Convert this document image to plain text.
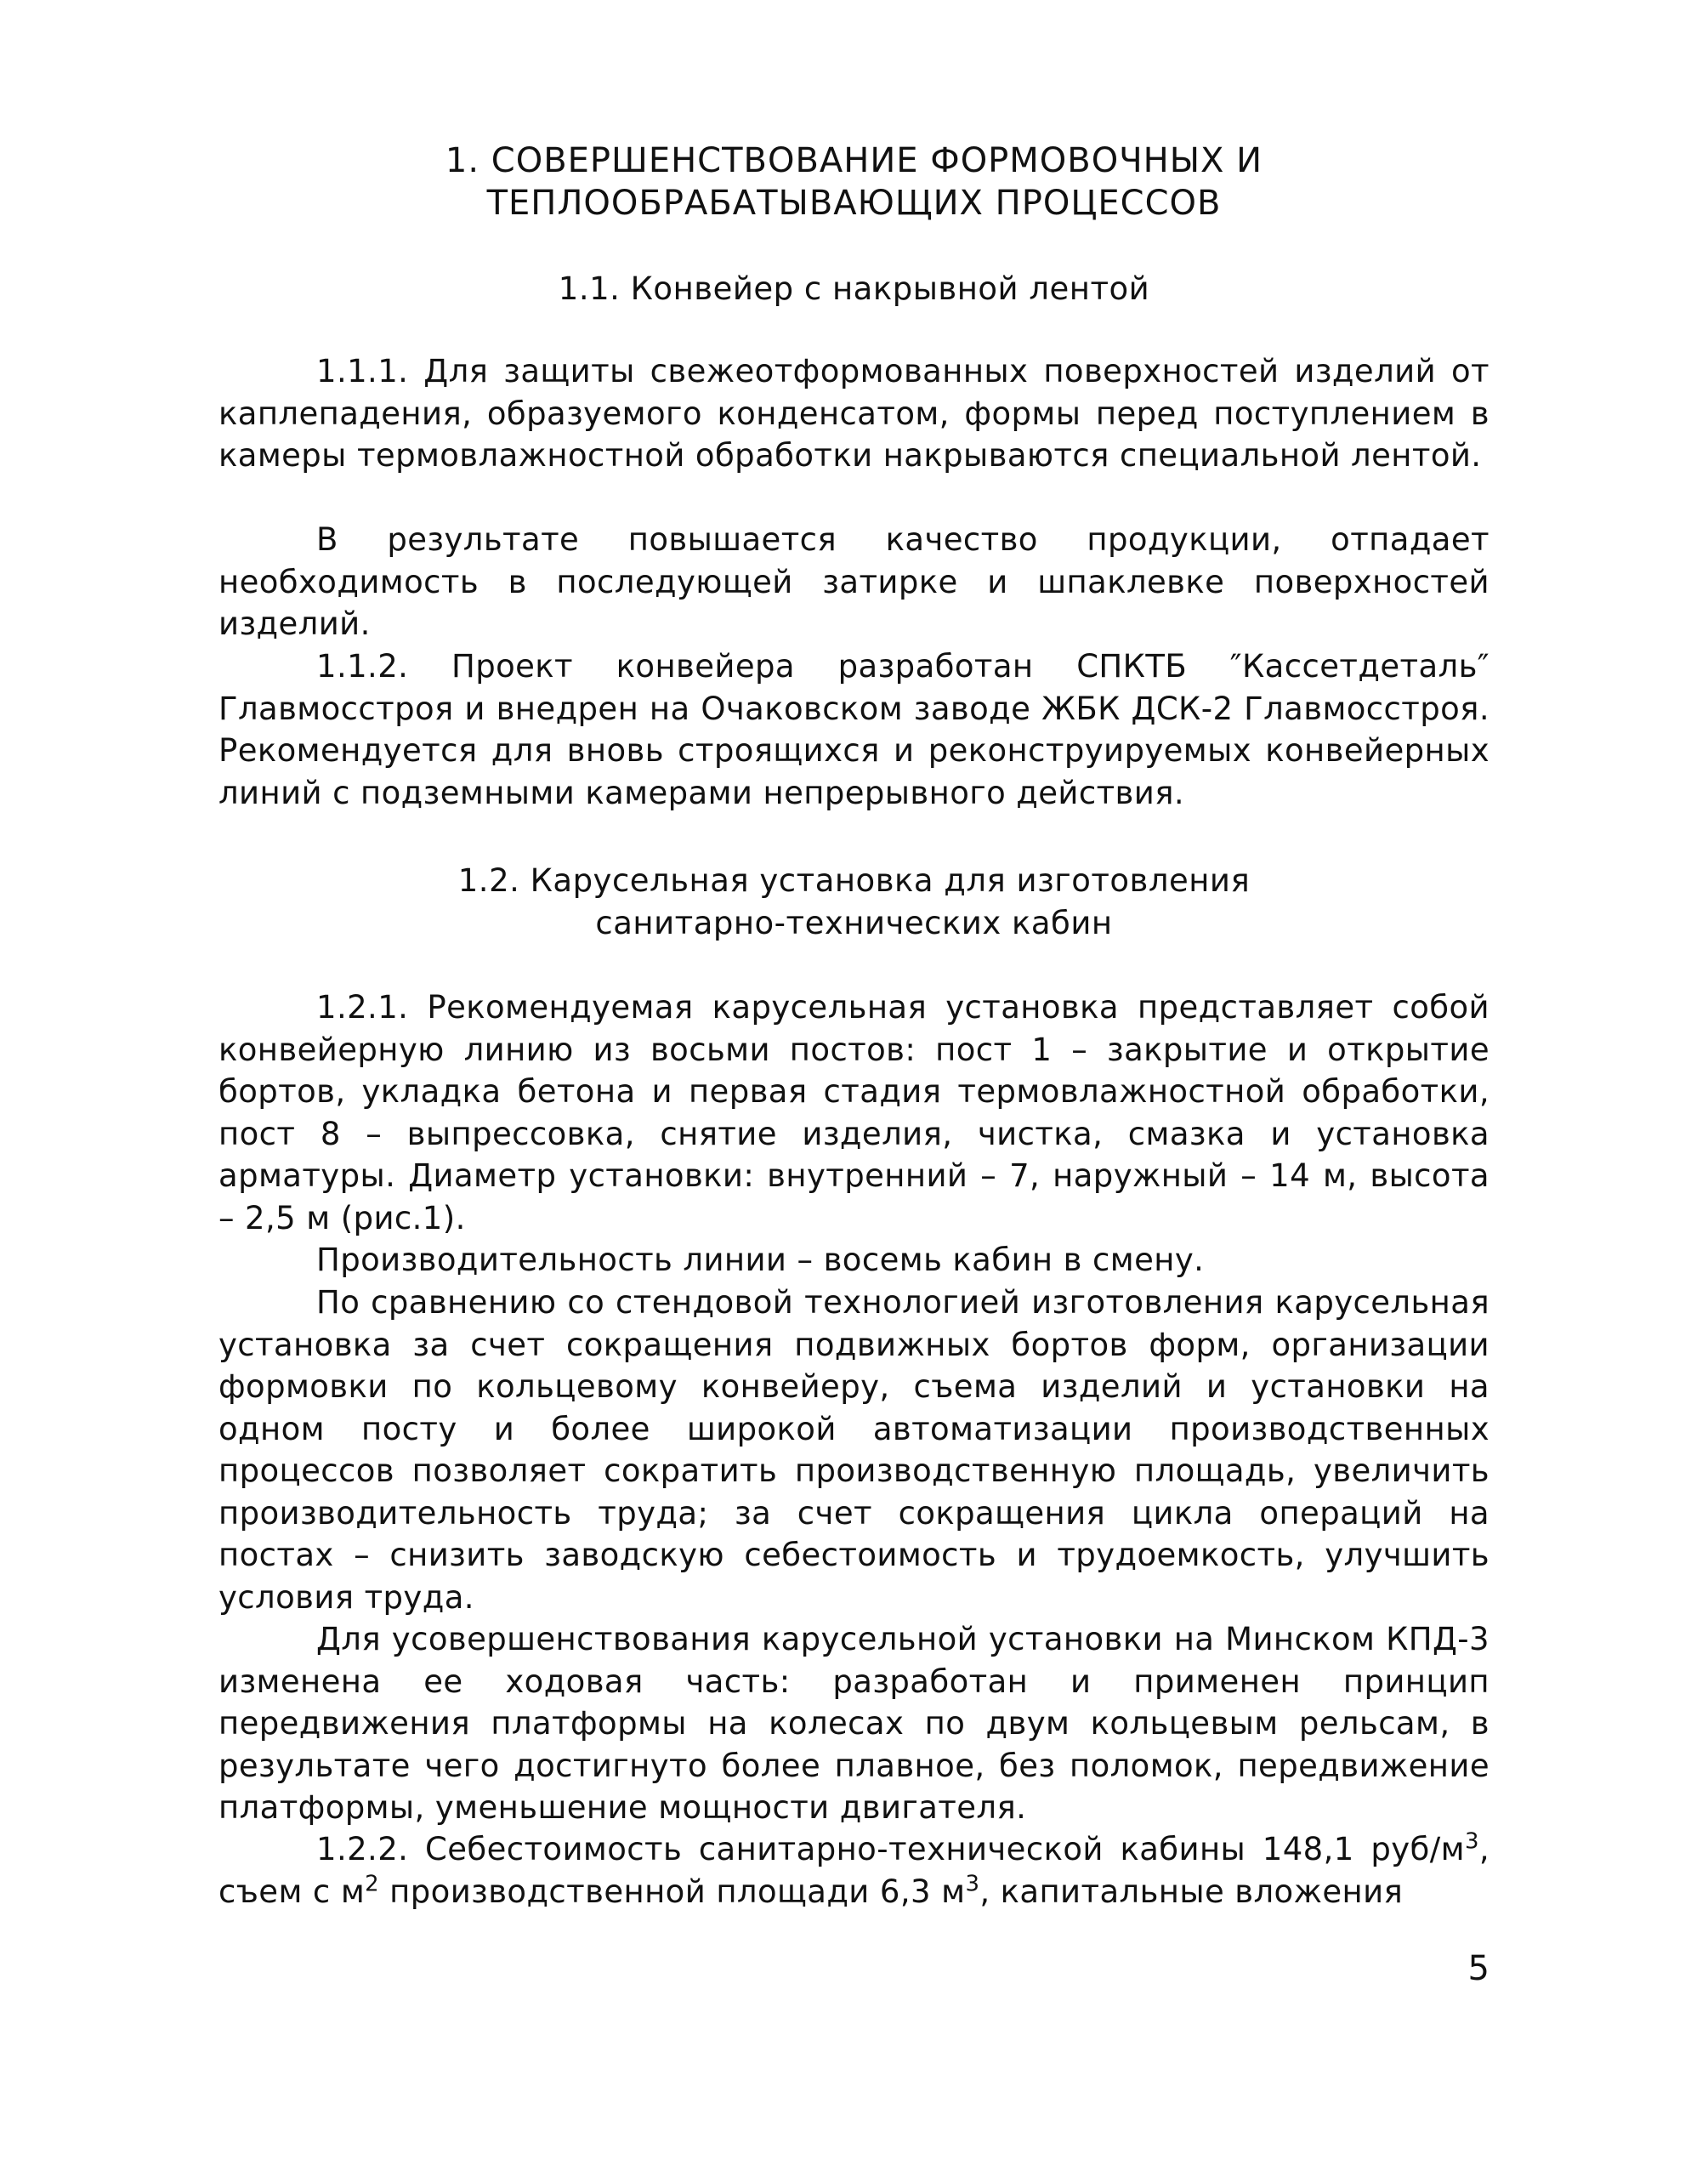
1. СОВЕРШЕНСТВОВАНИЕ ФОРМОВОЧНЫХ И
ТЕПЛООБРАБАТЫВАЮЩИХ ПРОЦЕССОВ
1.1. Конвейер с накрывной лентой

1.1.1. Для защиты свежеотформованных поверхностей изделий от каплепадения, образуемого конденсатом, формы перед поступлением в камеры термовлажностной обработки накрываются специальной лентой.

В результате повышается качество продукции, отпадает необходимость в последующей затирке и шпаклевке поверхностей изделий.

1.1.2. Проект конвейера разработан СПКТБ ″Кассетдеталь″ Главмосстроя и внедрен на Очаковском заводе ЖБК ДСК-2 Главмосстроя. Рекомендуется для вновь строящихся и реконструируемых конвейерных линий с подземными камерами непрерывного действия.

1.2. Карусельная установка для изготовления
санитарно-технических кабин

1.2.1. Рекомендуемая карусельная установка представляет собой конвейерную линию из восьми постов: пост 1 – закрытие и открытие бортов, укладка бетона и первая стадия термовлажностной обработки, пост 8 – выпрессовка, снятие изделия, чистка, смазка и установка арматуры. Диаметр установки: внутренний – 7, наружный – 14 м, высота – 2,5 м (рис.1).

Производительность линии – восемь кабин в смену.

По сравнению со стендовой технологией изготовления карусельная установка за счет сокращения подвижных бортов форм, организации формовки по кольцевому конвейеру, съема изделий и установки на одном посту и более широкой автоматизации производственных процессов позволяет сократить производственную площадь, увеличить производительность труда; за счет сокращения цикла операций на постах – снизить заводскую себестоимость и трудоемкость, улучшить условия труда.

Для усовершенствования карусельной установки на Минском КПД-3 изменена ее ходовая часть: разработан и применен принцип передвижения платформы на колесах по двум кольцевым рельсам, в результате чего достигнуто более плавное, без поломок, передвижение платформы, уменьшение мощности двигателя.

1.2.2. Себестоимость санитарно-технической кабины 148,1 руб/$м^3$, съем с $м^2$ производственной площади 6,3 $м^3$, капитальные вложения

5
